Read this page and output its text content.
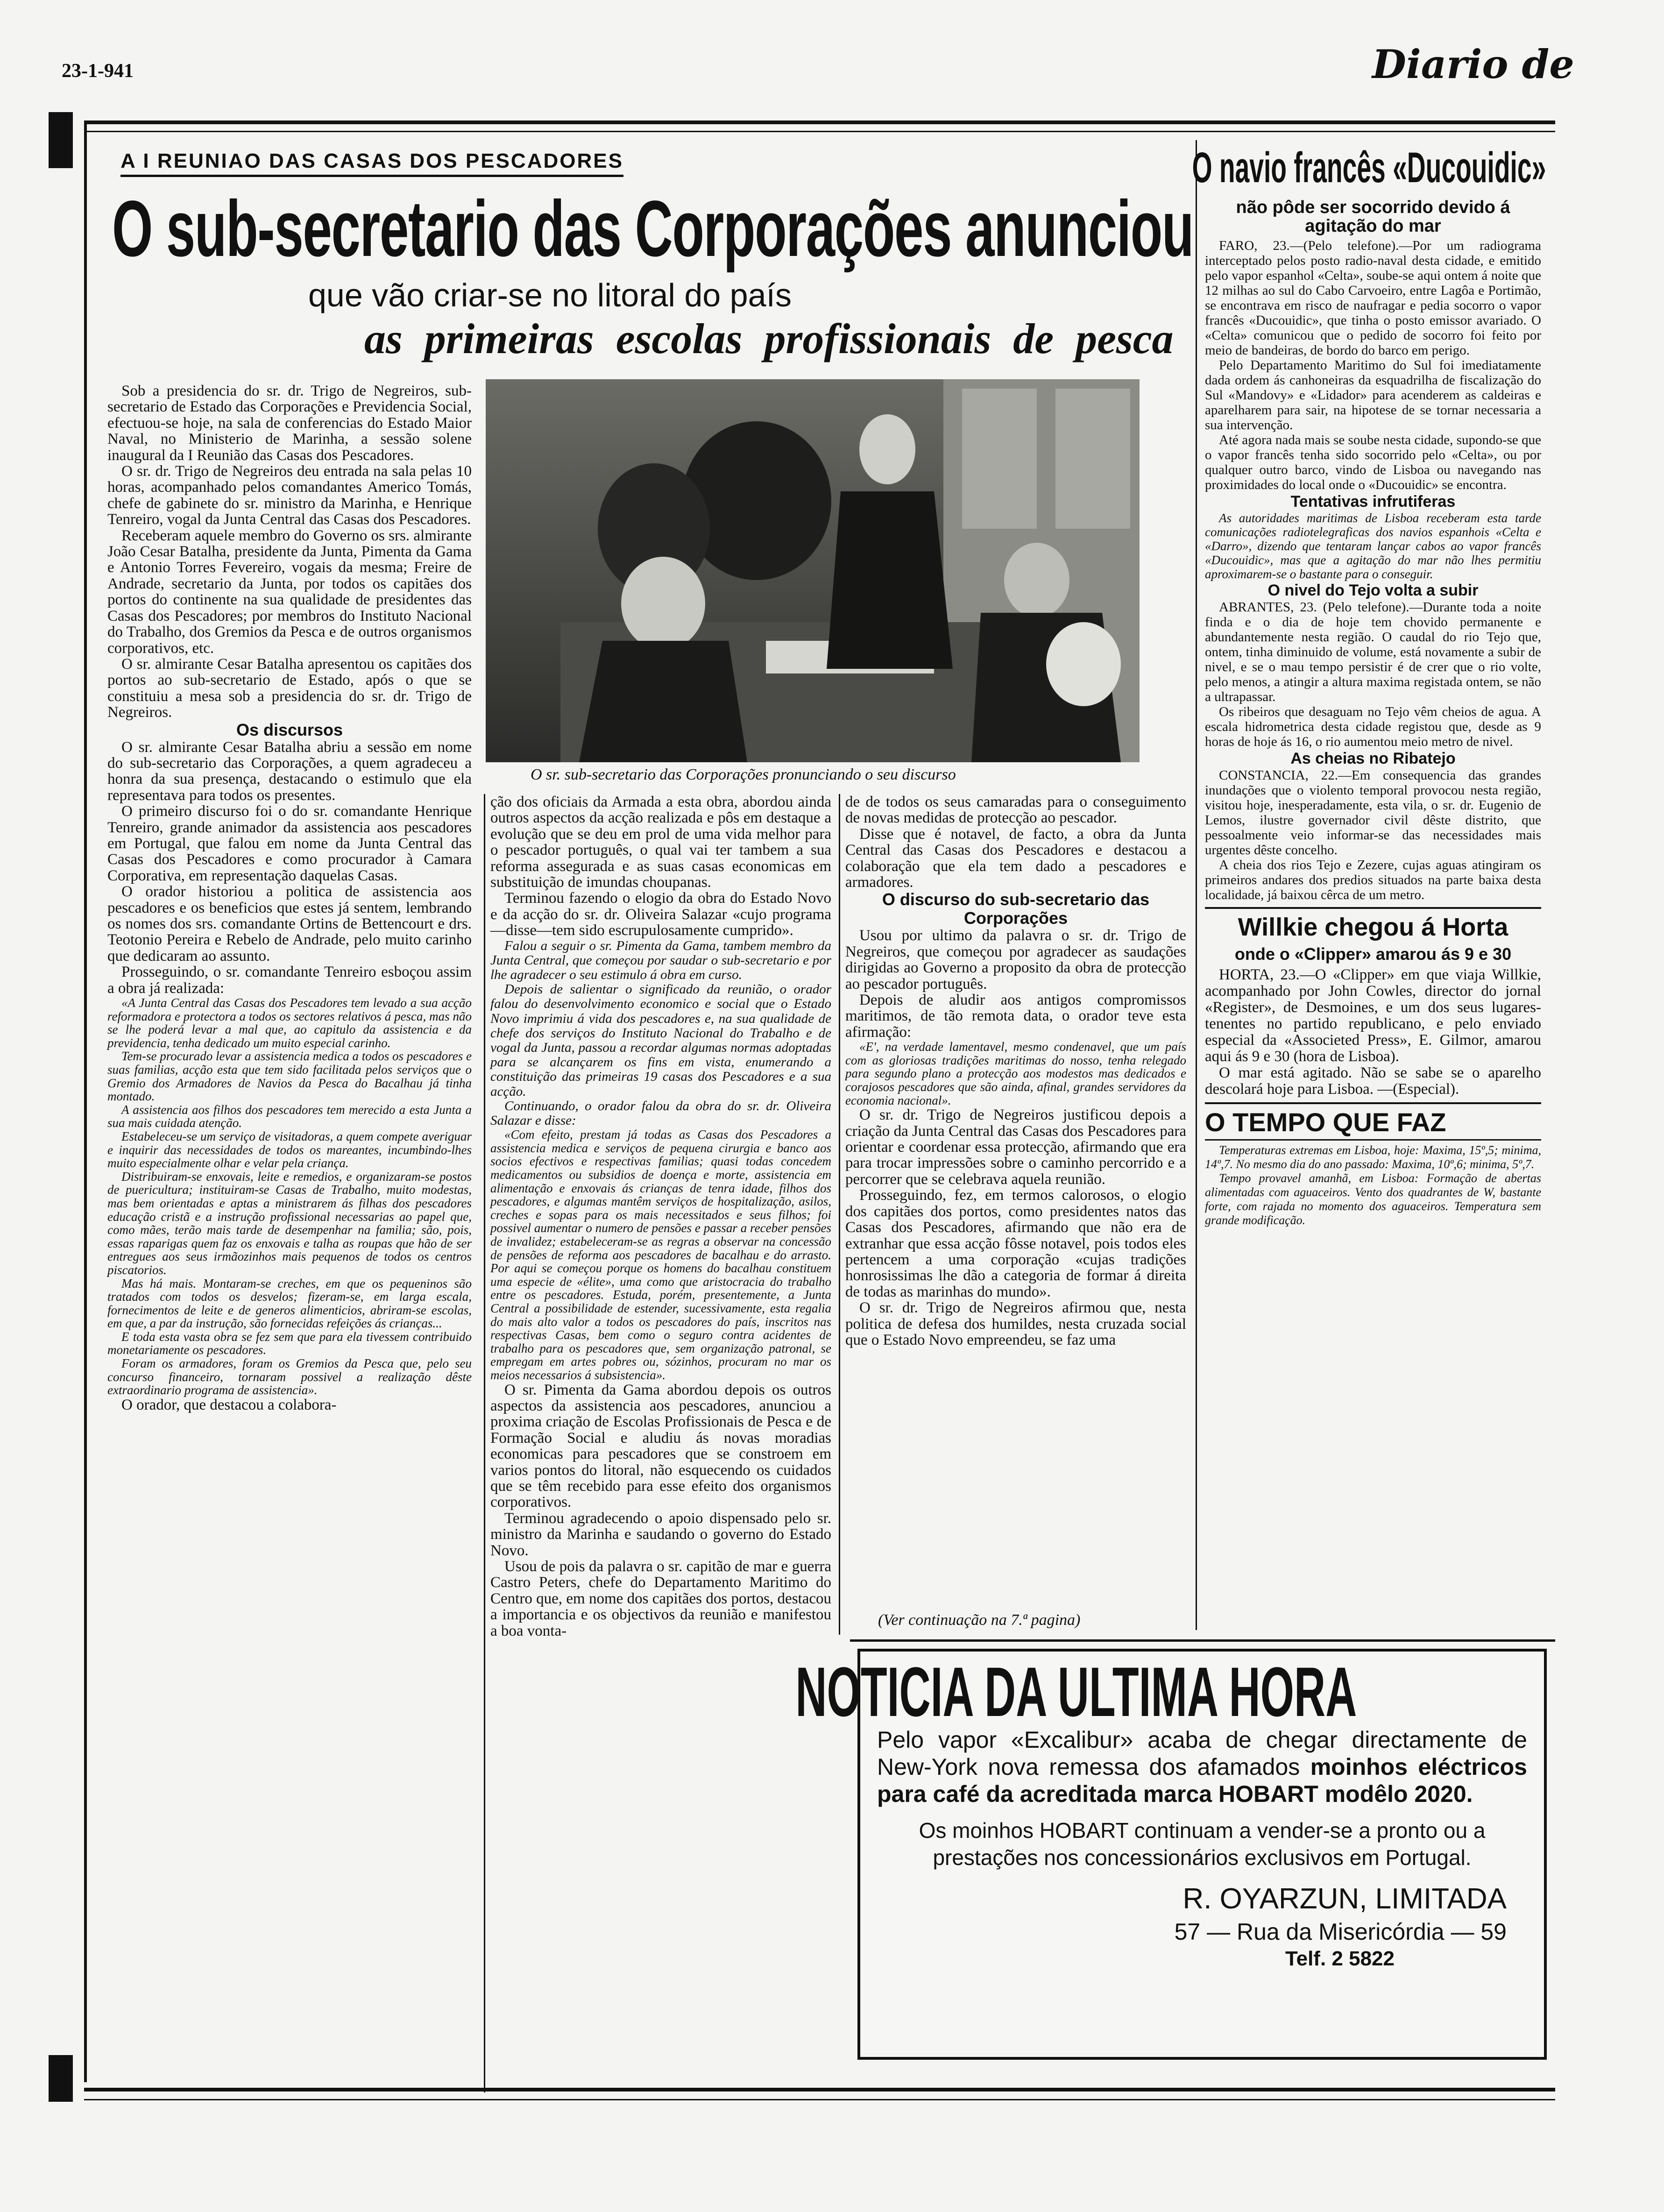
23-1-941	Diario de
A I REUNIAO DAS CASAS DOS PESCADORES
O sub-secretario das Corporações anunciou
que vão criar-se no litoral do país
as primeiras escolas profissionais de pesca
O sr. sub-secretario das Corporações pronunciando o seu discurso

Sob a presidencia do sr. dr. Trigo de Negreiros, sub-secretario de Estado das Corporações e Previdencia Social, efectuou-se hoje, na sala de conferencias do Estado Maior Naval, no Ministerio de Marinha, a sessão solene inaugural da I Reunião das Casas dos Pescadores.

O sr. dr. Trigo de Negreiros deu entrada na sala pelas 10 horas, acompanhado pelos comandantes Americo Tomás, chefe de gabinete do sr. ministro da Marinha, e Henrique Tenreiro, vogal da Junta Central das Casas dos Pescadores.

Receberam aquele membro do Governo os srs. almirante João Cesar Batalha, presidente da Junta, Pimenta da Gama e Antonio Torres Fevereiro, vogais da mesma; Freire de Andrade, secretario da Junta, por todos os capitães dos portos do continente na sua qualidade de presidentes das Casas dos Pescadores; por membros do Instituto Nacional do Trabalho, dos Gremios da Pesca e de outros organismos corporativos, etc.

O sr. almirante Cesar Batalha apresentou os capitães dos portos ao sub-secretario de Estado, após o que se constituiu a mesa sob a presidencia do sr. dr. Trigo de Negreiros.

Os discursos

O sr. almirante Cesar Batalha abriu a sessão em nome do sub-secretario das Corporações, a quem agradeceu a honra da sua presença, destacando o estimulo que ela representava para todos os presentes.

O primeiro discurso foi o do sr. comandante Henrique Tenreiro, grande animador da assistencia aos pescadores em Portugal, que falou em nome da Junta Central das Casas dos Pescadores e como procurador à Camara Corporativa, em representação daquelas Casas.

O orador historiou a politica de assistencia aos pescadores e os beneficios que estes já sentem, lembrando os nomes dos srs. comandante Ortins de Bettencourt e drs. Teotonio Pereira e Rebelo de Andrade, pelo muito carinho que dedicaram ao assunto.

Prosseguindo, o sr. comandante Tenreiro esboçou assim a obra já realizada:

«A Junta Central das Casas dos Pescadores tem levado a sua acção reformadora e protectora a todos os sectores relativos á pesca, mas não se lhe poderá levar a mal que, ao capitulo da assistencia e da previdencia, tenha dedicado um muito especial carinho.

Tem-se procurado levar a assistencia medica a todos os pescadores e suas familias, acção esta que tem sido facilitada pelos serviços que o Gremio dos Armadores de Navios da Pesca do Bacalhau já tinha montado.

A assistencia aos filhos dos pescadores tem merecido a esta Junta a sua mais cuidada atenção.

Estabeleceu-se um serviço de visitadoras, a quem compete averiguar e inquirir das necessidades de todos os mareantes, incumbindo-lhes muito especialmente olhar e velar pela criança.

Distribuiram-se enxovais, leite e remedios, e organizaram-se postos de puericultura; instituiram-se Casas de Trabalho, muito modestas, mas bem orientadas e aptas a ministrarem ás filhas dos pescadores educação cristã e a instrução profissional necessarias ao papel que, como mães, terão mais tarde de desempenhar na familia; são, pois, essas raparigas quem faz os enxovais e talha as roupas que hão de ser entregues aos seus irmãozinhos mais pequenos de todos os centros piscatorios.

Mas há mais. Montaram-se creches, em que os pequeninos são tratados com todos os desvelos; fizeram-se, em larga escala, fornecimentos de leite e de generos alimenticios, abriram-se escolas, em que, a par da instrução, são fornecidas refeições ás crianças...

E toda esta vasta obra se fez sem que para ela tivessem contribuido monetariamente os pescadores.

Foram os armadores, foram os Gremios da Pesca que, pelo seu concurso financeiro, tornaram possivel a realização dêste extraordinario programa de assistencia».

O orador, que destacou a colabora-

ção dos oficiais da Armada a esta obra, abordou ainda outros aspectos da acção realizada e pôs em destaque a evolução que se deu em prol de uma vida melhor para o pescador português, o qual vai ter tambem a sua reforma assegurada e as suas casas economicas em substituição de imundas choupanas.

Terminou fazendo o elogio da obra do Estado Novo e da acção do sr. dr. Oliveira Salazar «cujo programa—disse—tem sido escrupulosamente cumprido».

Falou a seguir o sr. Pimenta da Gama, tambem membro da Junta Central, que começou por saudar o sub-secretario e por lhe agradecer o seu estimulo á obra em curso.

Depois de salientar o significado da reunião, o orador falou do desenvolvimento economico e social que o Estado Novo imprimiu á vida dos pescadores e, na sua qualidade de chefe dos serviços do Instituto Nacional do Trabalho e de vogal da Junta, passou a recordar algumas normas adoptadas para se alcançarem os fins em vista, enumerando a constituição das primeiras 19 casas dos Pescadores e a sua acção.

Continuando, o orador falou da obra do sr. dr. Oliveira Salazar e disse:

«Com efeito, prestam já todas as Casas dos Pescadores a assistencia medica e serviços de pequena cirurgia e banco aos socios efectivos e respectivas familias; quasi todas concedem medicamentos ou subsidios de doença e morte, assistencia em alimentação e enxovais ás crianças de tenra idade, filhos dos pescadores, e algumas mantêm serviços de hospitalização, asilos, creches e sopas para os mais necessitados e seus filhos; foi possivel aumentar o numero de pensões e passar a receber pensões de invalidez; estabeleceram-se as regras a observar na concessão de pensões de reforma aos pescadores de bacalhau e do arrasto. Por aqui se começou porque os homens do bacalhau constituem uma especie de «élite», uma como que aristocracia do trabalho entre os pescadores. Estuda, porém, presentemente, a Junta Central a possibilidade de estender, sucessivamente, esta regalia do mais alto valor a todos os pescadores do país, inscritos nas respectivas Casas, bem como o seguro contra acidentes de trabalho para os pescadores que, sem organização patronal, se empregam em artes pobres ou, sózinhos, procuram no mar os meios necessarios á subsistencia».

O sr. Pimenta da Gama abordou depois os outros aspectos da assistencia aos pescadores, anunciou a proxima criação de Escolas Profissionais de Pesca e de Formação Social e aludiu ás novas moradias economicas para pescadores que se constroem em varios pontos do litoral, não esquecendo os cuidados que se têm recebido para esse efeito dos organismos corporativos.

Terminou agradecendo o apoio dispensado pelo sr. ministro da Marinha e saudando o governo do Estado Novo.

Usou de pois da palavra o sr. capitão de mar e guerra Castro Peters, chefe do Departamento Maritimo do Centro que, em nome dos capitães dos portos, destacou a importancia e os objectivos da reunião e manifestou a boa vonta-

de de todos os seus camaradas para o conseguimento de novas medidas de protecção ao pescador.

Disse que é notavel, de facto, a obra da Junta Central das Casas dos Pescadores e destacou a colaboração que ela tem dado a pescadores e armadores.

O discurso do sub-secretario das Corporações

Usou por ultimo da palavra o sr. dr. Trigo de Negreiros, que começou por agradecer as saudações dirigidas ao Governo a proposito da obra de protecção ao pescador português.

Depois de aludir aos antigos compromissos maritimos, de tão remota data, o orador teve esta afirmação:

«E', na verdade lamentavel, mesmo condenavel, que um país com as gloriosas tradições maritimas do nosso, tenha relegado para segundo plano a protecção aos modestos mas dedicados e corajosos pescadores que são ainda, afinal, grandes servidores da economia nacional».

O sr. dr. Trigo de Negreiros justificou depois a criação da Junta Central das Casas dos Pescadores para orientar e coordenar essa protecção, afirmando que era para trocar impressões sobre o caminho percorrido e a percorrer que se celebrava aquela reunião.

Prosseguindo, fez, em termos calorosos, o elogio dos capitães dos portos, como presidentes natos das Casas dos Pescadores, afirmando que não era de extranhar que essa acção fôsse notavel, pois todos eles pertencem a uma corporação «cujas tradições honrosissimas lhe dão a categoria de formar á direita de todas as marinhas do mundo».

O sr. dr. Trigo de Negreiros afirmou que, nesta politica de defesa dos humildes, nesta cruzada social que o Estado Novo empreendeu, se faz uma

(Ver continuação na 7.ª pagina)
O navio francês «Ducouidic»
não pôde ser socorrido devido á agitação do mar

FARO, 23.—(Pelo telefone).—Por um radiograma interceptado pelos posto radio-naval desta cidade, e emitido pelo vapor espanhol «Celta», soube-se aqui ontem á noite que 12 milhas ao sul do Cabo Carvoeiro, entre Lagôa e Portimão, se encontrava em risco de naufragar e pedia socorro o vapor francês «Ducouidic», que tinha o posto emissor avariado. O «Celta» comunicou que o pedido de socorro foi feito por meio de bandeiras, de bordo do barco em perigo.

Pelo Departamento Maritimo do Sul foi imediatamente dada ordem ás canhoneiras da esquadrilha de fiscalização do Sul «Mandovy» e «Lidador» para acenderem as caldeiras e aparelharem para sair, na hipotese de se tornar necessaria a sua intervenção.

Até agora nada mais se soube nesta cidade, supondo-se que o vapor francês tenha sido socorrido pelo «Celta», ou por qualquer outro barco, vindo de Lisboa ou navegando nas proximidades do local onde o «Ducouidic» se encontra.

Tentativas infrutiferas

As autoridades maritimas de Lisboa receberam esta tarde comunicações radiotelegraficas dos navios espanhois «Celta e «Darro», dizendo que tentaram lançar cabos ao vapor francês «Ducouidic», mas que a agitação do mar não lhes permitiu aproximarem-se o bastante para o conseguir.

O nivel do Tejo volta a subir

ABRANTES, 23. (Pelo telefone).—Durante toda a noite finda e o dia de hoje tem chovido permanente e abundantemente nesta região. O caudal do rio Tejo que, ontem, tinha diminuido de volume, está novamente a subir de nivel, e se o mau tempo persistir é de crer que o rio volte, pelo menos, a atingir a altura maxima registada ontem, se não a ultrapassar.

Os ribeiros que desaguam no Tejo vêm cheios de agua. A escala hidrometrica desta cidade registou que, desde as 9 horas de hoje ás 16, o rio aumentou meio metro de nivel.

As cheias no Ribatejo

CONSTANCIA, 22.—Em consequencia das grandes inundações que o violento temporal provocou nesta região, visitou hoje, inesperadamente, esta vila, o sr. dr. Eugenio de Lemos, ilustre governador civil dêste distrito, que pessoalmente veio informar-se das necessidades mais urgentes dêste concelho.

A cheia dos rios Tejo e Zezere, cujas aguas atingiram os primeiros andares dos predios situados na parte baixa desta localidade, já baixou cêrca de um metro.

Willkie chegou á Horta
onde o «Clipper» amarou ás 9 e 30

HORTA, 23.—O «Clipper» em que viaja Willkie, acompanhado por John Cowles, director do jornal «Register», de Desmoines, e um dos seus lugares-tenentes no partido republicano, e pelo enviado especial da «Associeted Press», E. Gilmor, amarou aqui ás 9 e 30 (hora de Lisboa).

O mar está agitado. Não se sabe se o aparelho descolará hoje para Lisboa. —(Especial).

O TEMPO QUE FAZ

Temperaturas extremas em Lisboa, hoje: Maxima, 15º,5; minima, 14º,7. No mesmo dia do ano passado: Maxima, 10º,6; minima, 5º,7.

Tempo provavel amanhã, em Lisboa: Formação de abertas alimentadas com aguaceiros. Vento dos quadrantes de W, bastante forte, com rajada no momento dos aguaceiros. Temperatura sem grande modificação.

NOTICIA DA ULTIMA HORA
Pelo vapor «Excalibur» acaba de chegar directamente de New-York nova remessa dos afamados moinhos eléctricos para café da acreditada marca HOBART modêlo 2020.
Os moinhos HOBART continuam a vender-se a pronto ou a prestações nos concessionários exclusivos em Portugal.
R. OYARZUN, LIMITADA
57 — Rua da Misericórdia — 59
Telf. 2 5822
